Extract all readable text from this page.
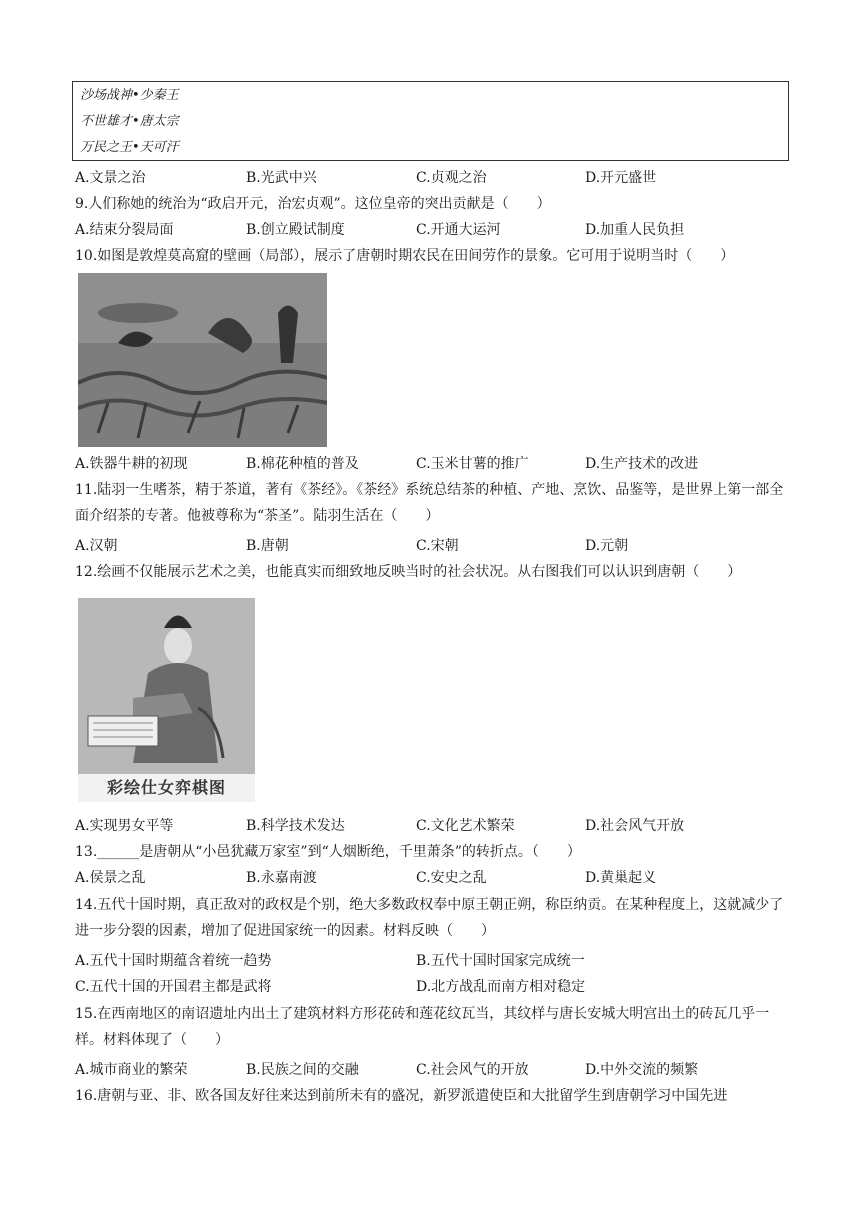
沙场战神•少秦王
不世雄才•唐太宗
万民之王•天可汗
A.文景之治	B.光武中兴	C.贞观之治	D.开元盛世
9.人们称她的统治为“政启开元，治宏贞观”。这位皇帝的突出贡献是（　　）
A.结束分裂局面	B.创立殿试制度	C.开通大运河	D.加重人民负担
10.如图是敦煌莫高窟的壁画（局部），展示了唐朝时期农民在田间劳作的景象。它可用于说明当时（　　）
A.铁器牛耕的初现	B.棉花种植的普及	C.玉米甘薯的推广	D.生产技术的改进
11.陆羽一生嗜茶，精于茶道，著有《茶经》。《茶经》系统总结茶的种植、产地、烹饮、品鉴等，是世界上第一部全面介绍茶的专著。他被尊称为“茶圣”。陆羽生活在（　　）
A.汉朝	B.唐朝	C.宋朝	D.元朝
12.绘画不仅能展示艺术之美，也能真实而细致地反映当时的社会状况。从右图我们可以认识到唐朝（　　）
彩绘仕女弈棋图
A.实现男女平等	B.科学技术发达	C.文化艺术繁荣	D.社会风气开放
13.______是唐朝从“小邑犹藏万家室”到“人烟断绝，千里萧条”的转折点。（　　）
A.侯景之乱	B.永嘉南渡	C.安史之乱	D.黄巢起义
14.五代十国时期，真正敌对的政权是个别，绝大多数政权奉中原王朝正朔，称臣纳贡。在某种程度上，这就减少了进一步分裂的因素，增加了促进国家统一的因素。材料反映（　　）
A.五代十国时期蕴含着统一趋势	B.五代十国时国家完成统一
C.五代十国的开国君主都是武将	D.北方战乱而南方相对稳定
15.在西南地区的南诏遗址内出土了建筑材料方形花砖和莲花纹瓦当，其纹样与唐长安城大明宫出土的砖瓦几乎一样。材料体现了（　　）
A.城市商业的繁荣	B.民族之间的交融	C.社会风气的开放	D.中外交流的频繁
16.唐朝与亚、非、欧各国友好往来达到前所未有的盛况，新罗派遣使臣和大批留学生到唐朝学习中国先进
